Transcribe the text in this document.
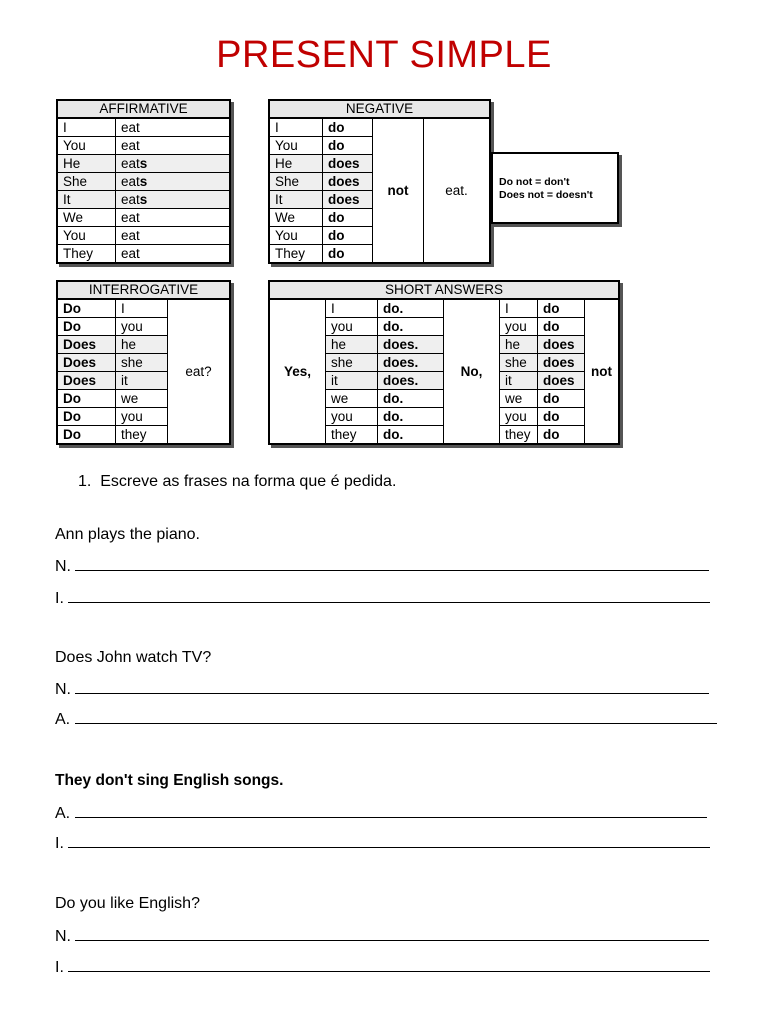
PRESENT SIMPLE
AFFIRMATIVE	
I	eat
You	eat
He	eats
She	eats
It	eats
We	eat
You	eat
They	eat
NEGATIVE			
I	do	not	eat.
You	do		
He	does		
She	does		
It	does		
We	do		
You	do		
They	do		
Do not = don't
Does not = doesn't
INTERROGATIVE		
Do	I	eat?
Do	you	
Does	he	
Does	she	
Does	it	
Do	we	
Do	you	
Do	they	
SHORT ANSWERS						
Yes,	I	do.	No,	I	do	not
	you	do.		you	do	
	he	does.		he	does	
	she	does.		she	does	
	it	does.		it	does	
	we	do.		we	do	
	you	do.		you	do	
	they	do.		they	do	
1. Escreve as frases na forma que é pedida.
Ann plays the piano.
N.
I.
Does John watch TV?
N.
A.
They don't sing English songs.
A.
I.
Do you like English?
N.
I.
